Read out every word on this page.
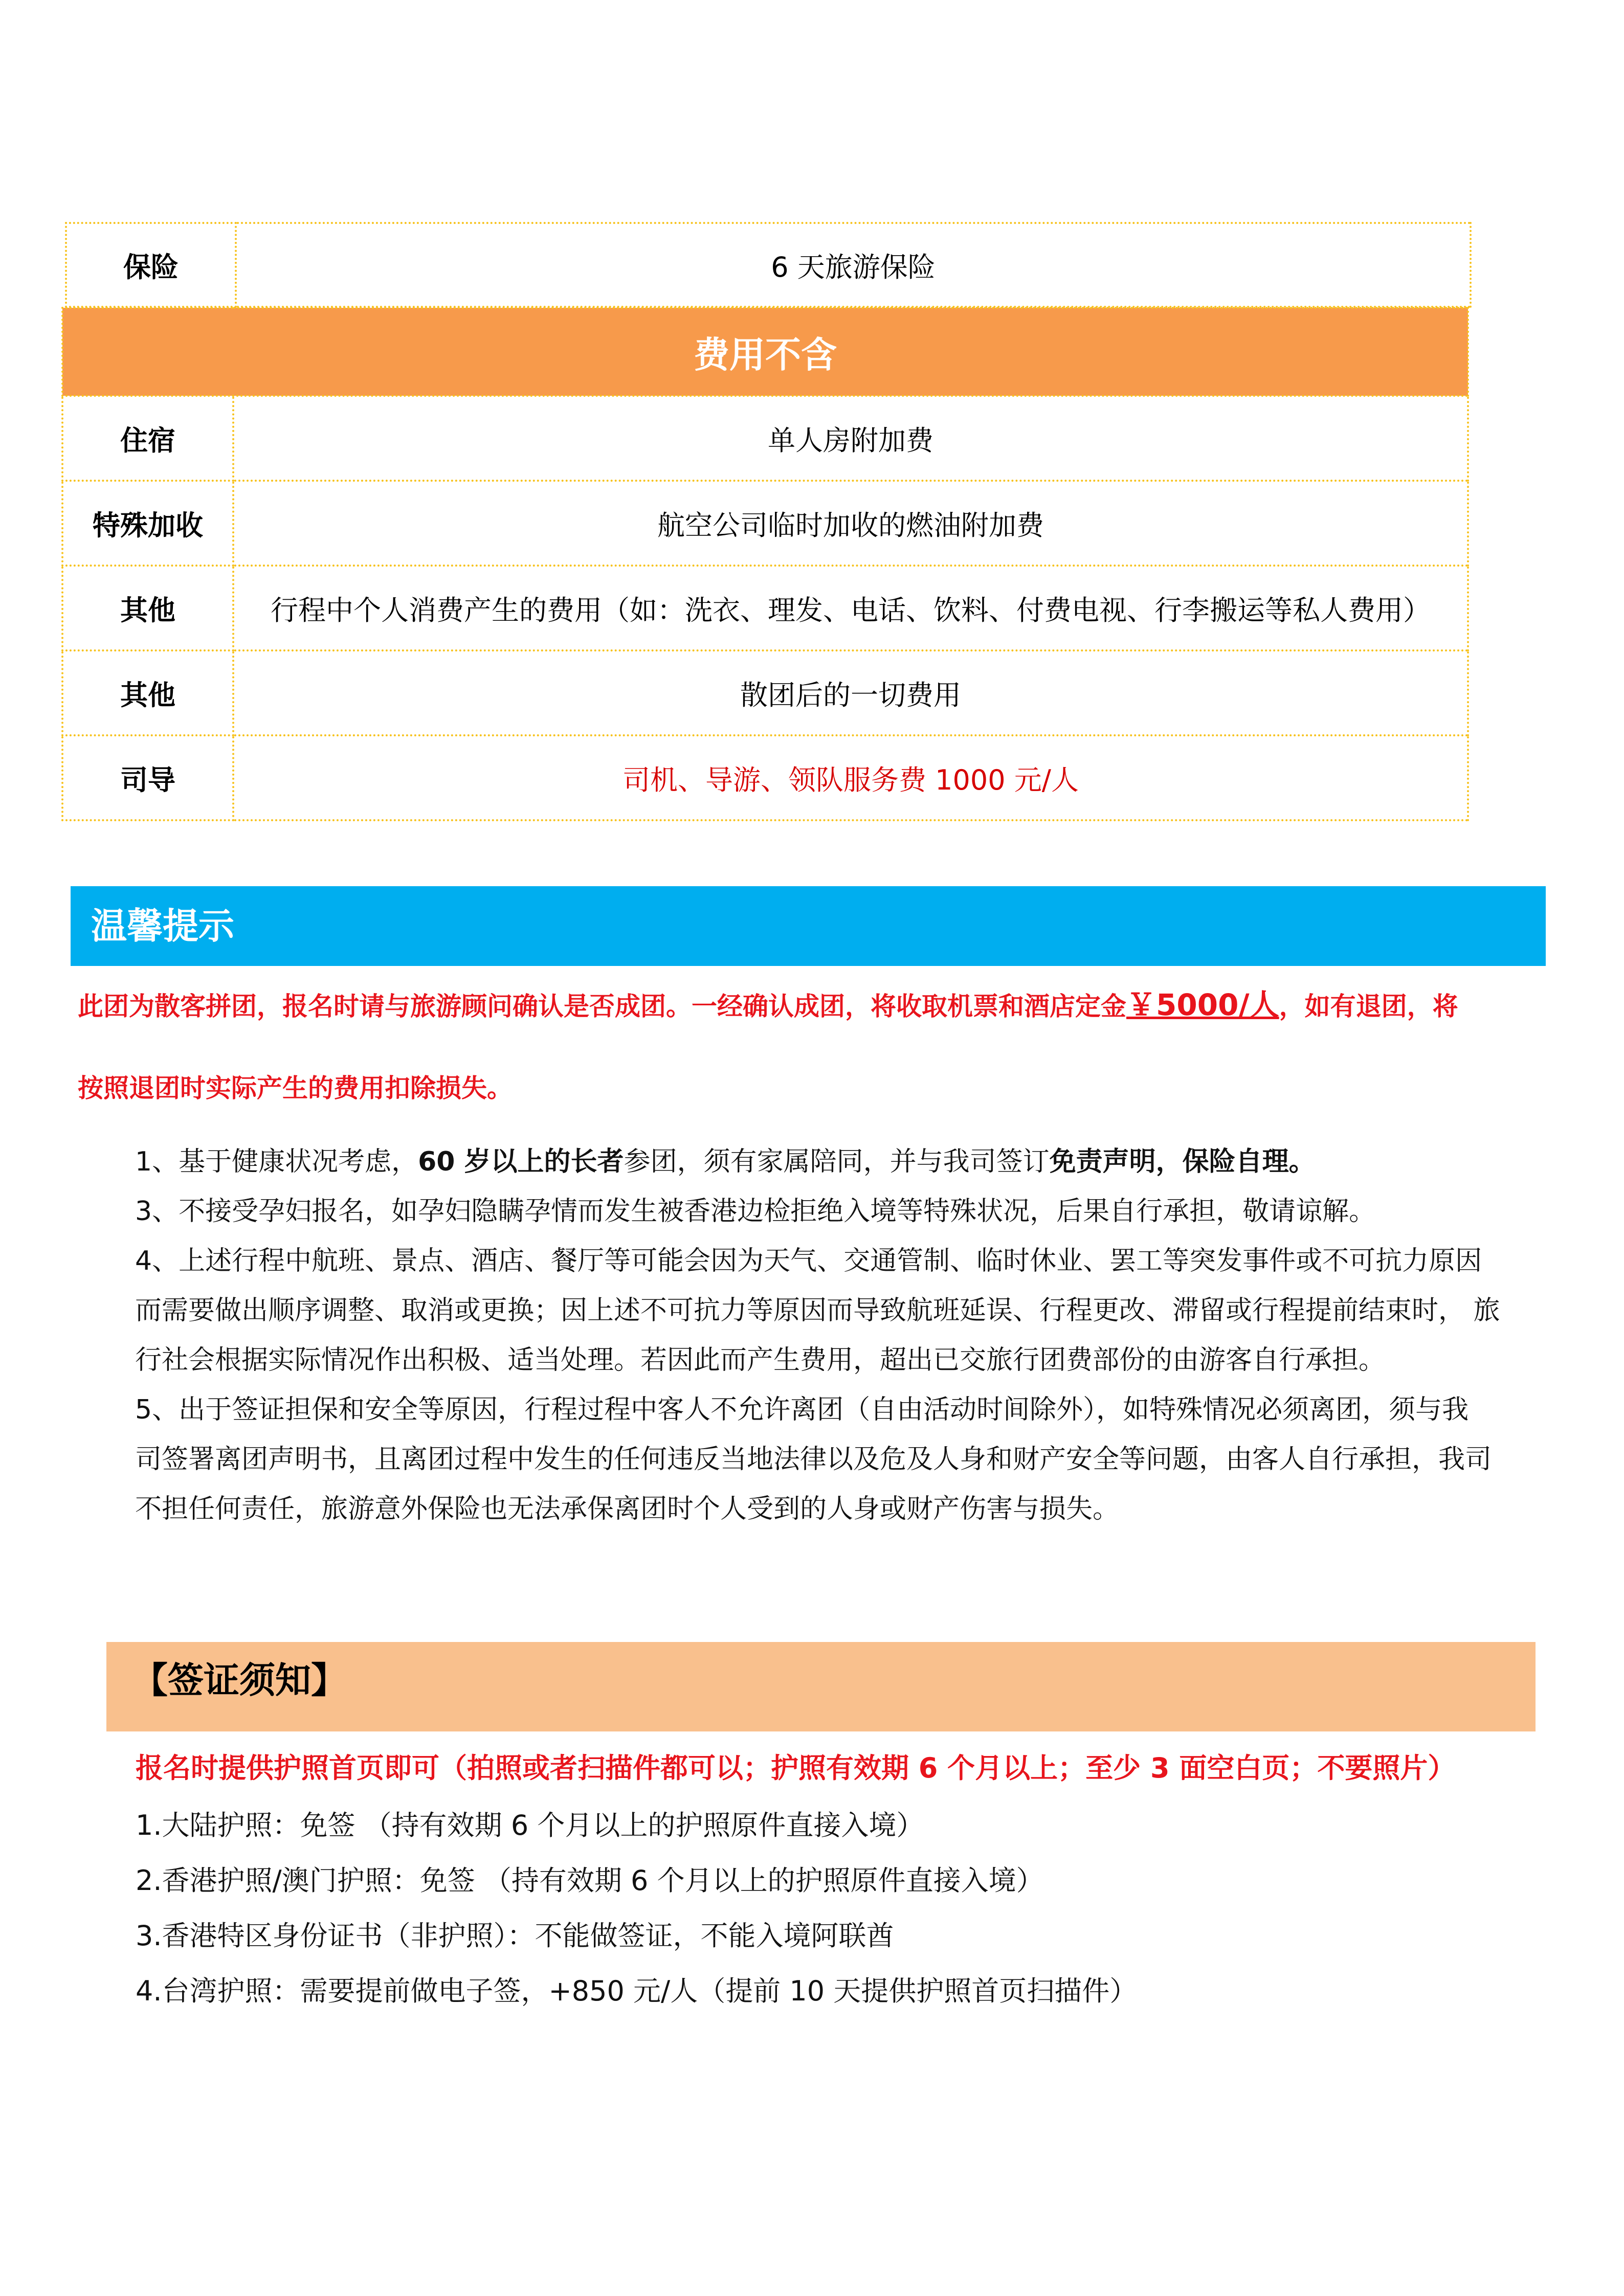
保险	6 天旅游保险
费用不含	
住宿	单人房附加费
特殊加收	航空公司临时加收的燃油附加费
其他	行程中个人消费产生的费用（如：洗衣、理发、电话、饮料、付费电视、行李搬运等私人费用）
其他	散团后的一切费用
司导	司机、导游、领队服务费 1000 元/人
温馨提示
此团为散客拼团，报名时请与旅游顾问确认是否成团。一经确认成团，将收取机票和酒店定金￥5000/人，如有退团，将
按照退团时实际产生的费用扣除损失。

1、基于健康状况考虑，60 岁以上的长者参团，须有家属陪同，并与我司签订免责声明，保险自理。

3、不接受孕妇报名，如孕妇隐瞒孕情而发生被香港边检拒绝入境等特殊状况，后果自行承担，敬请谅解。

4、上述行程中航班、景点、酒店、餐厅等可能会因为天气、交通管制、临时休业、罢工等突发事件或不可抗力原因

而需要做出顺序调整、取消或更换；因上述不可抗力等原因而导致航班延误、行程更改、滞留或行程提前结束时， 旅

行社会根据实际情况作出积极、适当处理。若因此而产生费用，超出已交旅行团费部份的由游客自行承担。

5、出于签证担保和安全等原因，行程过程中客人不允许离团（自由活动时间除外），如特殊情况必须离团，须与我

司签署离团声明书，且离团过程中发生的任何违反当地法律以及危及人身和财产安全等问题，由客人自行承担，我司

不担任何责任，旅游意外保险也无法承保离团时个人受到的人身或财产伤害与损失。

【签证须知】
报名时提供护照首页即可（拍照或者扫描件都可以；护照有效期 6 个月以上；至少 3 面空白页；不要照片）

1.大陆护照：免签 （持有效期 6 个月以上的护照原件直接入境）

2.香港护照/澳门护照：免签 （持有效期 6 个月以上的护照原件直接入境）

3.香港特区身份证书（非护照）：不能做签证，不能入境阿联酋

4.台湾护照：需要提前做电子签，+850 元/人（提前 10 天提供护照首页扫描件）
